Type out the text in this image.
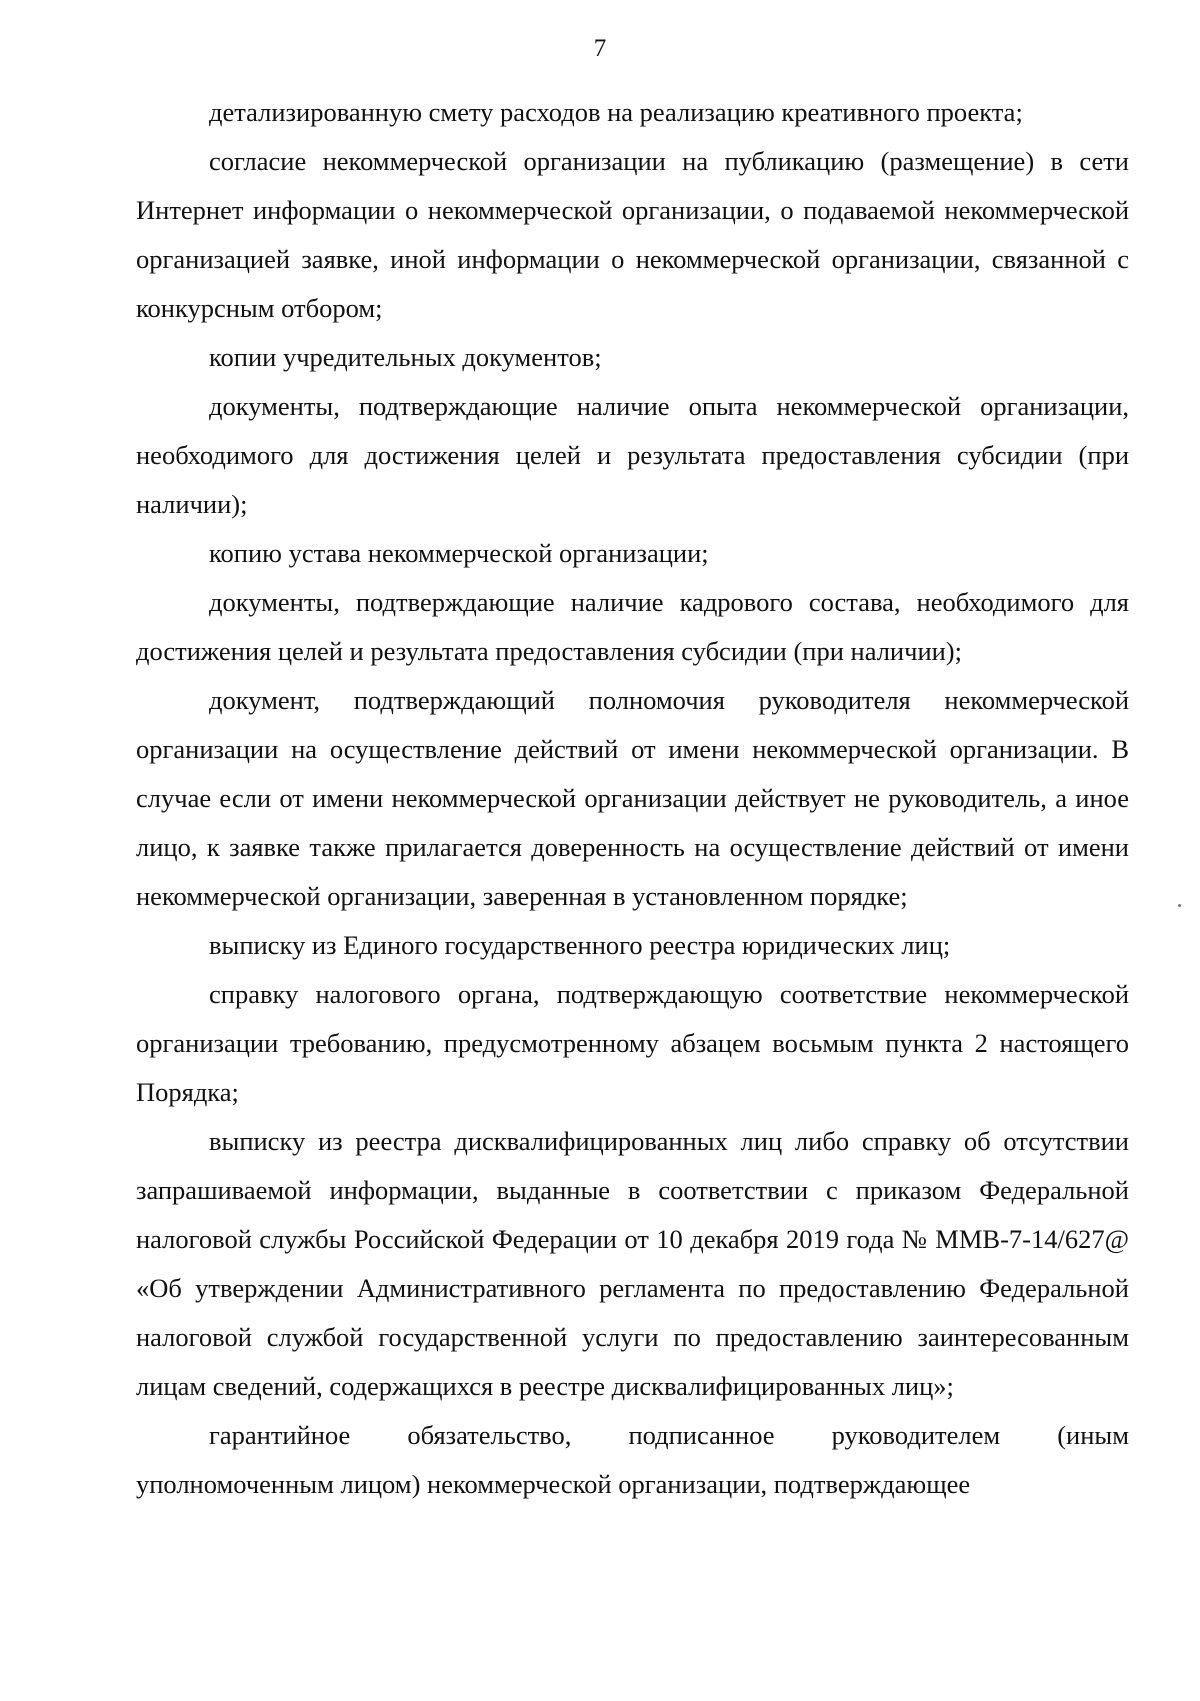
7

детализированную смету расходов на реализацию креативного проекта;

согласие некоммерческой организации на публикацию (размещение) в сети Интернет информации о некоммерческой организации, о подаваемой некоммерческой организацией заявке, иной информации о некоммерческой организации, связанной с конкурсным отбором;

копии учредительных документов;

документы, подтверждающие наличие опыта некоммерческой организации, необходимого для достижения целей и результата предоставления субсидии (при наличии);

копию устава некоммерческой организации;

документы, подтверждающие наличие кадрового состава, необходимого для достижения целей и результата предоставления субсидии (при наличии);

документ, подтверждающий полномочия руководителя некоммерческой организации на осуществление действий от имени некоммерческой организации. В случае если от имени некоммерческой организации действует не руководитель, а иное лицо, к заявке также прилагается доверенность на осуществление действий от имени некоммерческой организации, заверенная в установленном порядке;

выписку из Единого государственного реестра юридических лиц;

справку налогового органа, подтверждающую соответствие некоммерческой организации требованию, предусмотренному абзацем восьмым пункта 2 настоящего Порядка;

выписку из реестра дисквалифицированных лиц либо справку об отсутствии запрашиваемой информации, выданные в соответствии с приказом Федеральной налоговой службы Российской Федерации от 10 декабря 2019 года № ММВ-7-14/627@ «Об утверждении Административного регламента по предоставлению Федеральной налоговой службой государственной услуги по предоставлению заинтересованным лицам сведений, содержащихся в реестре дисквалифицированных лиц»;

гарантийное обязательство, подписанное руководителем (иным уполномоченным лицом) некоммерческой организации, подтверждающее
